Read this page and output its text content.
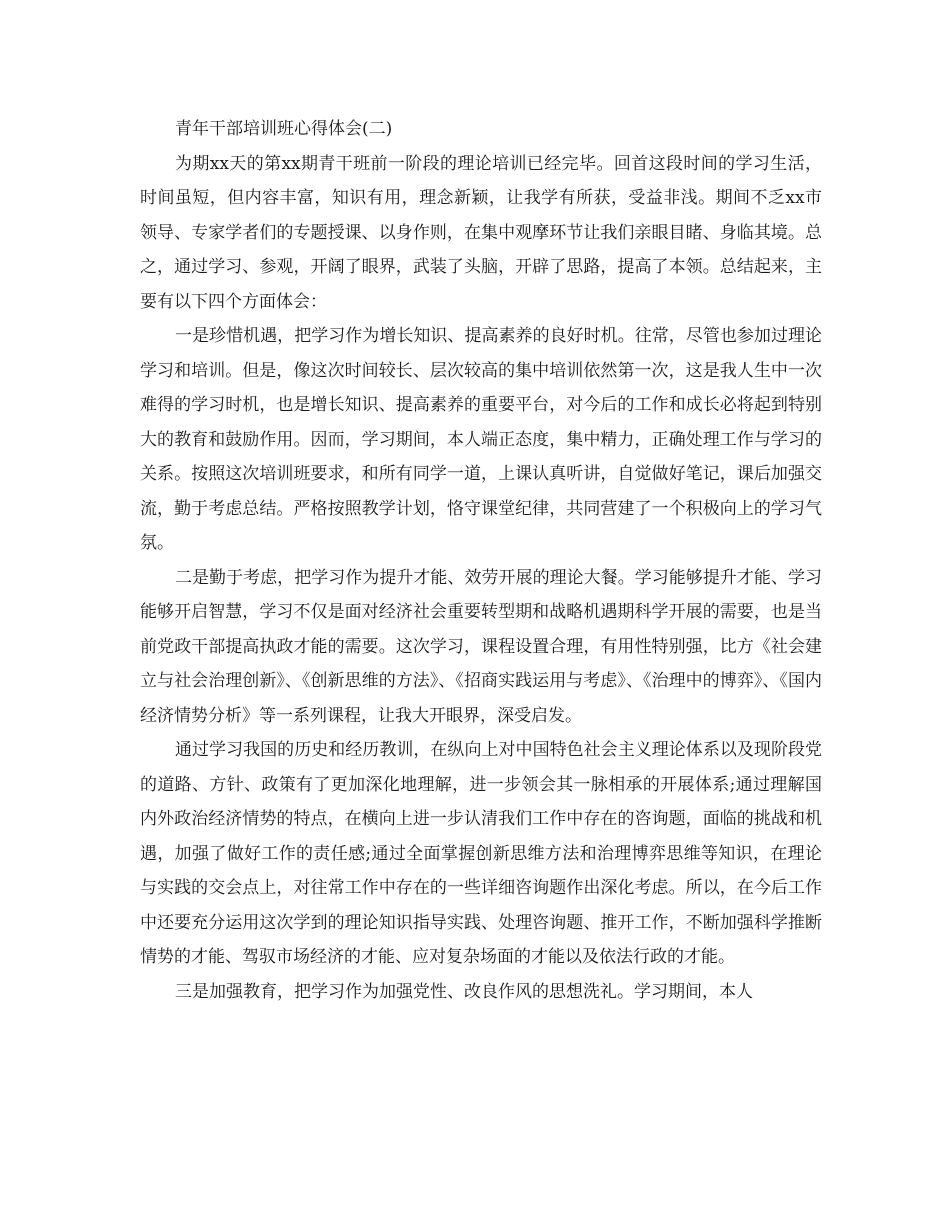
青年干部培训班心得体会(二)

为期xx天的第xx期青干班前一阶段的理论培训已经完毕。回首这段时间的学习生活，时间虽短，但内容丰富，知识有用，理念新颖，让我学有所获，受益非浅。期间不乏xx市领导、专家学者们的专题授课、以身作则，在集中观摩环节让我们亲眼目睹、身临其境。总之，通过学习、参观，开阔了眼界，武装了头脑，开辟了思路，提高了本领。总结起来，主要有以下四个方面体会：

一是珍惜机遇，把学习作为增长知识、提高素养的良好时机。往常，尽管也参加过理论学习和培训。但是，像这次时间较长、层次较高的集中培训依然第一次，这是我人生中一次难得的学习时机，也是增长知识、提高素养的重要平台，对今后的工作和成长必将起到特别大的教育和鼓励作用。因而，学习期间，本人端正态度，集中精力，正确处理工作与学习的关系。按照这次培训班要求，和所有同学一道，上课认真听讲，自觉做好笔记，课后加强交流，勤于考虑总结。严格按照教学计划，恪守课堂纪律，共同营建了一个积极向上的学习气氛。

二是勤于考虑，把学习作为提升才能、效劳开展的理论大餐。学习能够提升才能、学习能够开启智慧，学习不仅是面对经济社会重要转型期和战略机遇期科学开展的需要，也是当前党政干部提高执政才能的需要。这次学习，课程设置合理，有用性特别强，比方《社会建立与社会治理创新》、《创新思维的方法》、《招商实践运用与考虑》、《治理中的博弈》、《国内经济情势分析》等一系列课程，让我大开眼界，深受启发。

通过学习我国的历史和经历教训，在纵向上对中国特色社会主义理论体系以及现阶段党的道路、方针、政策有了更加深化地理解，进一步领会其一脉相承的开展体系;通过理解国内外政治经济情势的特点，在横向上进一步认清我们工作中存在的咨询题，面临的挑战和机遇，加强了做好工作的责任感;通过全面掌握创新思维方法和治理博弈思维等知识，在理论与实践的交会点上，对往常工作中存在的一些详细咨询题作出深化考虑。所以，在今后工作中还要充分运用这次学到的理论知识指导实践、处理咨询题、推开工作，不断加强科学推断情势的才能、驾驭市场经济的才能、应对复杂场面的才能以及依法行政的才能。

三是加强教育，把学习作为加强党性、改良作风的思想洗礼。学习期间，本人
